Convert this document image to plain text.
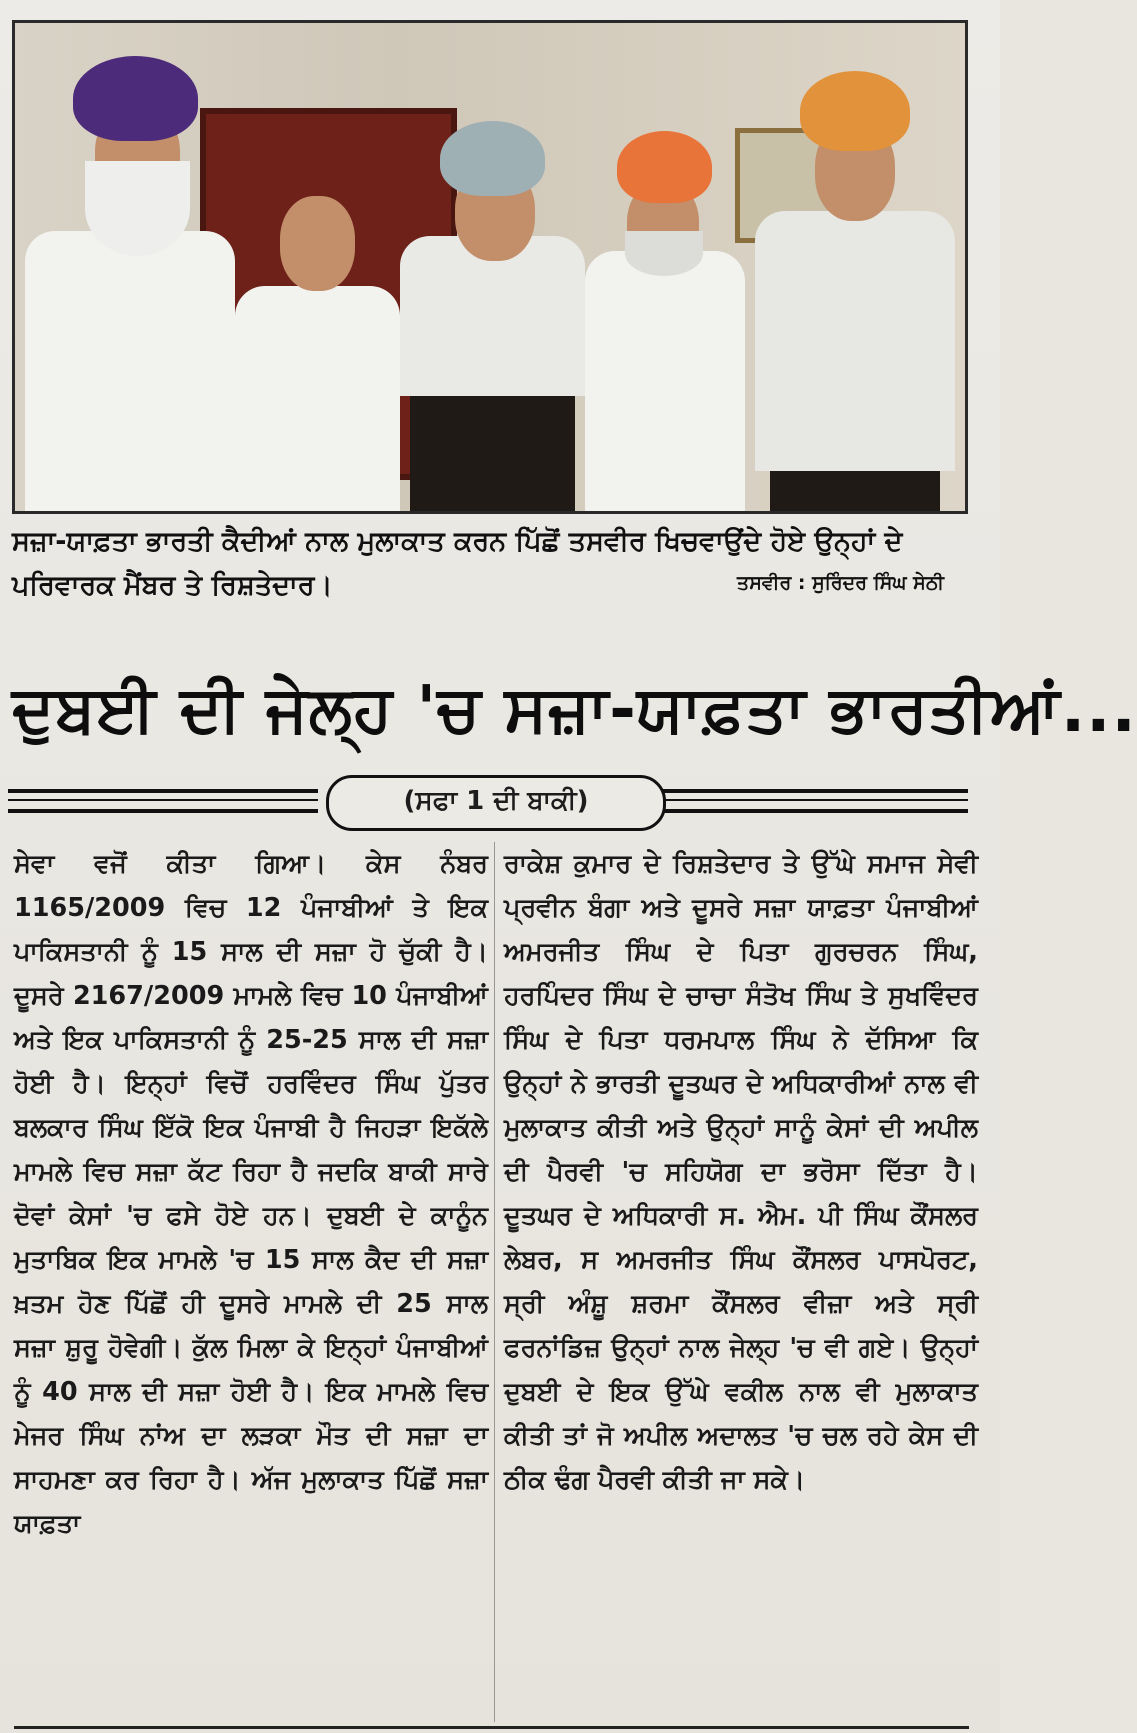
ਸਜ਼ਾ-ਯਾਫ਼ਤਾ ਭਾਰਤੀ ਕੈਦੀਆਂ ਨਾਲ ਮੁਲਾਕਾਤ ਕਰਨ ਪਿੱਛੋਂ ਤਸਵੀਰ ਖਿਚਵਾਉਂਦੇ ਹੋਏ ਉਨ੍ਹਾਂ ਦੇ ਪਰਿਵਾਰਕ ਮੈਂਬਰ ਤੇ ਰਿਸ਼ਤੇਦਾਰ।	ਤਸਵੀਰ : ਸੁਰਿੰਦਰ ਸਿੰਘ ਸੇਠੀ
ਦੁਬਈ ਦੀ ਜੇਲ੍ਹ 'ਚ ਸਜ਼ਾ-ਯਾਫ਼ਤਾ ਭਾਰਤੀਆਂ...
(ਸਫਾ 1 ਦੀ ਬਾਕੀ)
ਸੇਵਾ ਵਜੋਂ ਕੀਤਾ ਗਿਆ। ਕੇਸ ਨੰਬਰ 1165/2009 ਵਿਚ 12 ਪੰਜਾਬੀਆਂ ਤੇ ਇਕ ਪਾਕਿਸਤਾਨੀ ਨੂੰ 15 ਸਾਲ ਦੀ ਸਜ਼ਾ ਹੋ ਚੁੱਕੀ ਹੈ। ਦੂਸਰੇ 2167/2009 ਮਾਮਲੇ ਵਿਚ 10 ਪੰਜਾਬੀਆਂ ਅਤੇ ਇਕ ਪਾਕਿਸਤਾਨੀ ਨੂੰ 25-25 ਸਾਲ ਦੀ ਸਜ਼ਾ ਹੋਈ ਹੈ। ਇਨ੍ਹਾਂ ਵਿਚੋਂ ਹਰਵਿੰਦਰ ਸਿੰਘ ਪੁੱਤਰ ਬਲਕਾਰ ਸਿੰਘ ਇੱਕੋ ਇਕ ਪੰਜਾਬੀ ਹੈ ਜਿਹੜਾ ਇਕੱਲੇ ਮਾਮਲੇ ਵਿਚ ਸਜ਼ਾ ਕੱਟ ਰਿਹਾ ਹੈ ਜਦਕਿ ਬਾਕੀ ਸਾਰੇ ਦੋਵਾਂ ਕੇਸਾਂ 'ਚ ਫਸੇ ਹੋਏ ਹਨ। ਦੁਬਈ ਦੇ ਕਾਨੂੰਨ ਮੁਤਾਬਿਕ ਇਕ ਮਾਮਲੇ 'ਚ 15 ਸਾਲ ਕੈਦ ਦੀ ਸਜ਼ਾ ਖ਼ਤਮ ਹੋਣ ਪਿੱਛੋਂ ਹੀ ਦੂਸਰੇ ਮਾਮਲੇ ਦੀ 25 ਸਾਲ ਸਜ਼ਾ ਸ਼ੁਰੂ ਹੋਵੇਗੀ। ਕੁੱਲ ਮਿਲਾ ਕੇ ਇਨ੍ਹਾਂ ਪੰਜਾਬੀਆਂ ਨੂੰ 40 ਸਾਲ ਦੀ ਸਜ਼ਾ ਹੋਈ ਹੈ। ਇਕ ਮਾਮਲੇ ਵਿਚ ਮੇਜਰ ਸਿੰਘ ਨਾਂਅ ਦਾ ਲੜਕਾ ਮੌਤ ਦੀ ਸਜ਼ਾ ਦਾ ਸਾਹਮਣਾ ਕਰ ਰਿਹਾ ਹੈ। ਅੱਜ ਮੁਲਾਕਾਤ ਪਿੱਛੋਂ ਸਜ਼ਾ ਯਾਫ਼ਤਾ
ਰਾਕੇਸ਼ ਕੁਮਾਰ ਦੇ ਰਿਸ਼ਤੇਦਾਰ ਤੇ ਉੱਘੇ ਸਮਾਜ ਸੇਵੀ ਪ੍ਰਵੀਨ ਬੰਗਾ ਅਤੇ ਦੂਸਰੇ ਸਜ਼ਾ ਯਾਫ਼ਤਾ ਪੰਜਾਬੀਆਂ ਅਮਰਜੀਤ ਸਿੰਘ ਦੇ ਪਿਤਾ ਗੁਰਚਰਨ ਸਿੰਘ, ਹਰਪਿੰਦਰ ਸਿੰਘ ਦੇ ਚਾਚਾ ਸੰਤੋਖ ਸਿੰਘ ਤੇ ਸੁਖਵਿੰਦਰ ਸਿੰਘ ਦੇ ਪਿਤਾ ਧਰਮਪਾਲ ਸਿੰਘ ਨੇ ਦੱਸਿਆ ਕਿ ਉਨ੍ਹਾਂ ਨੇ ਭਾਰਤੀ ਦੂਤਘਰ ਦੇ ਅਧਿਕਾਰੀਆਂ ਨਾਲ ਵੀ ਮੁਲਾਕਾਤ ਕੀਤੀ ਅਤੇ ਉਨ੍ਹਾਂ ਸਾਨੂੰ ਕੇਸਾਂ ਦੀ ਅਪੀਲ ਦੀ ਪੈਰਵੀ 'ਚ ਸਹਿਯੋਗ ਦਾ ਭਰੋਸਾ ਦਿੱਤਾ ਹੈ। ਦੂਤਘਰ ਦੇ ਅਧਿਕਾਰੀ ਸ. ਐਮ. ਪੀ ਸਿੰਘ ਕੌਂਸਲਰ ਲੇਬਰ, ਸ ਅਮਰਜੀਤ ਸਿੰਘ ਕੌਂਸਲਰ ਪਾਸਪੋਰਟ, ਸ੍ਰੀ ਅੰਸ਼ੂ ਸ਼ਰਮਾ ਕੌਂਸਲਰ ਵੀਜ਼ਾ ਅਤੇ ਸ੍ਰੀ ਫਰਨਾਂਡਿਜ਼ ਉਨ੍ਹਾਂ ਨਾਲ ਜੇਲ੍ਹ 'ਚ ਵੀ ਗਏ। ਉਨ੍ਹਾਂ ਦੁਬਈ ਦੇ ਇਕ ਉੱਘੇ ਵਕੀਲ ਨਾਲ ਵੀ ਮੁਲਾਕਾਤ ਕੀਤੀ ਤਾਂ ਜੋ ਅਪੀਲ ਅਦਾਲਤ 'ਚ ਚਲ ਰਹੇ ਕੇਸ ਦੀ ਠੀਕ ਢੰਗ ਪੈਰਵੀ ਕੀਤੀ ਜਾ ਸਕੇ।
